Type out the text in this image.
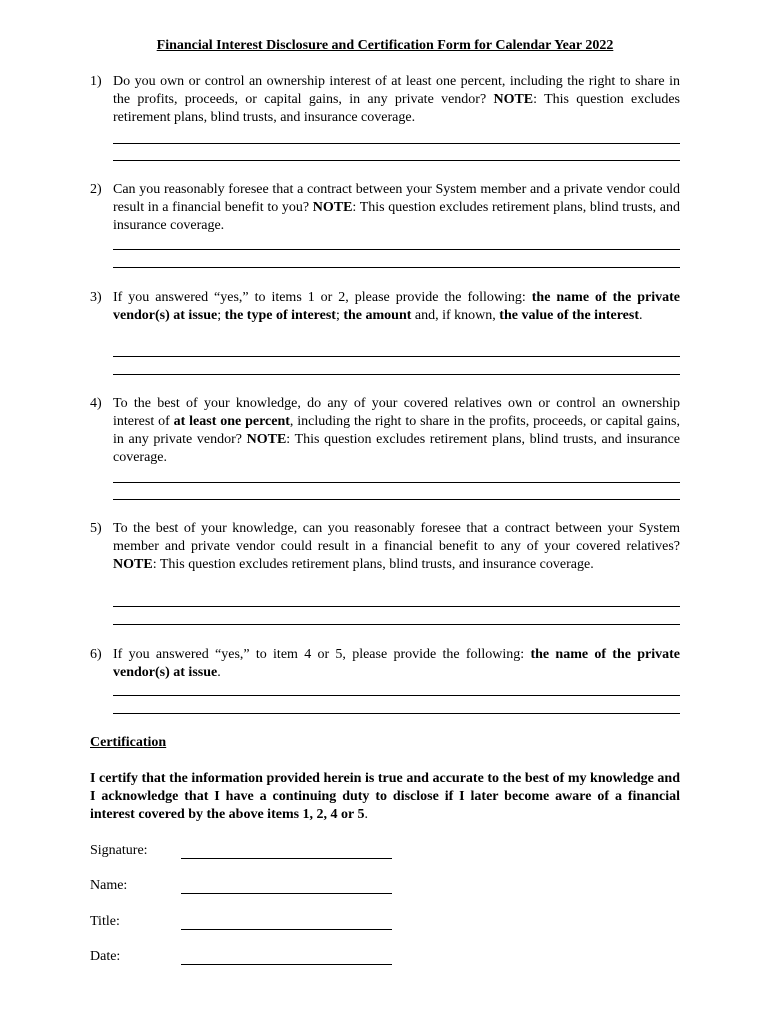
Financial Interest Disclosure and Certification Form for Calendar Year 2022
1) Do you own or control an ownership interest of at least one percent, including the right to share in the profits, proceeds, or capital gains, in any private vendor? NOTE: This question excludes retirement plans, blind trusts, and insurance coverage.
2) Can you reasonably foresee that a contract between your System member and a private vendor could result in a financial benefit to you? NOTE: This question excludes retirement plans, blind trusts, and insurance coverage.
3) If you answered “yes,” to items 1 or 2, please provide the following: the name of the private vendor(s) at issue; the type of interest; the amount and, if known, the value of the interest.
4) To the best of your knowledge, do any of your covered relatives own or control an ownership interest of at least one percent, including the right to share in the profits, proceeds, or capital gains, in any private vendor? NOTE: This question excludes retirement plans, blind trusts, and insurance coverage.
5) To the best of your knowledge, can you reasonably foresee that a contract between your System member and private vendor could result in a financial benefit to any of your covered relatives? NOTE: This question excludes retirement plans, blind trusts, and insurance coverage.
6) If you answered “yes,” to item 4 or 5, please provide the following: the name of the private vendor(s) at issue.
Certification
I certify that the information provided herein is true and accurate to the best of my knowledge and I acknowledge that I have a continuing duty to disclose if I later become aware of a financial interest covered by the above items 1, 2, 4 or 5.
Signature:
Name:
Title:
Date:
